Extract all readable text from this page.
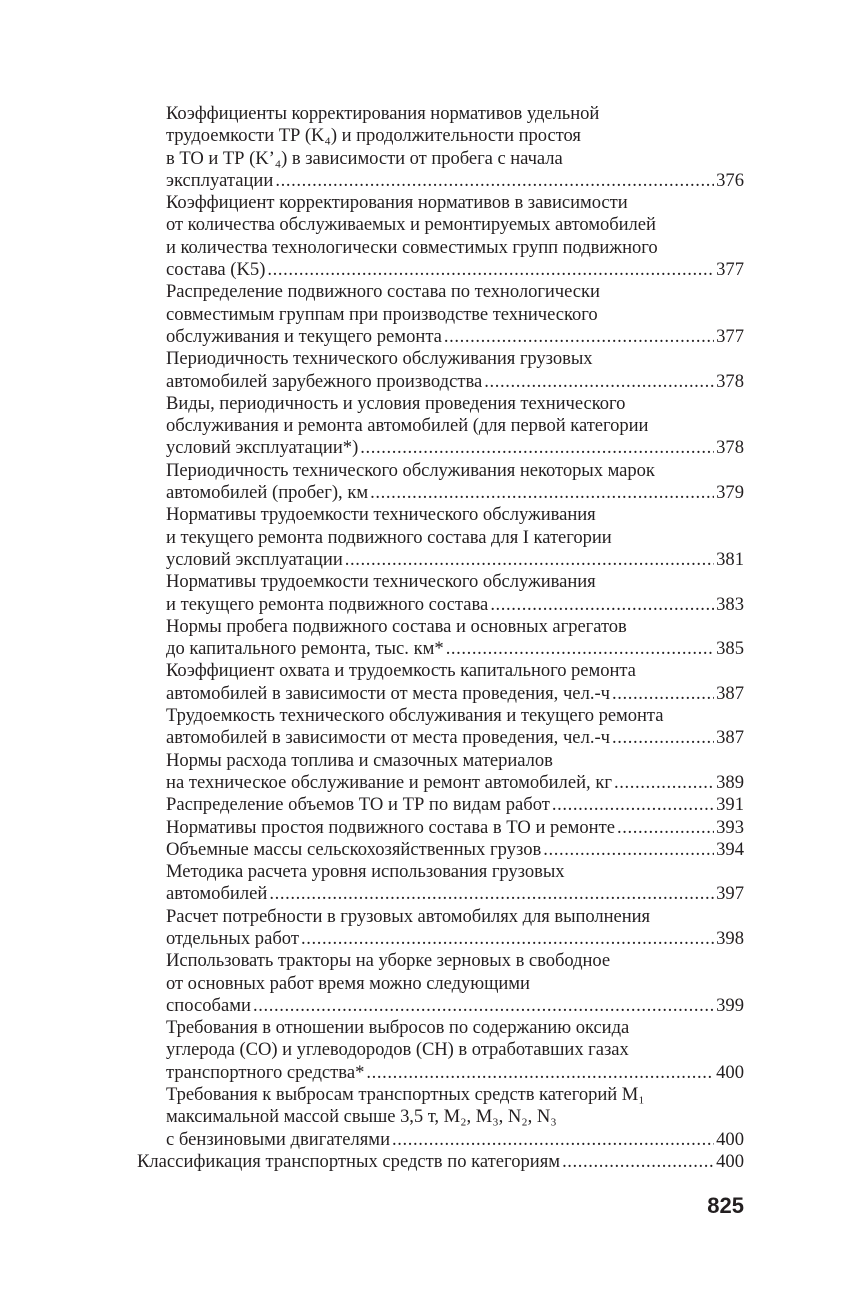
Коэффициенты корректирования нормативов удельной
трудоемкости ТР (K₄) и продолжительности простоя
в ТО и ТР (K’₄) в зависимости от пробега с начала
эксплуатации .....	376
Коэффициент корректирования нормативов в зависимости
от количества обслуживаемых и ремонтируемых автомобилей
и количества технологически совместимых групп подвижного
состава (K5) .....	377
Распределение подвижного состава по технологически
совместимым группам при производстве технического
обслуживания и текущего ремонта .....	377
Периодичность технического обслуживания грузовых
автомобилей зарубежного производства .....	378
Виды, периодичность и условия проведения технического
обслуживания и ремонта автомобилей (для первой категории
условий эксплуатации*) .....	378
Периодичность технического обслуживания некоторых марок
автомобилей (пробег), км .....	379
Нормативы трудоемкости технического обслуживания
и текущего ремонта подвижного состава для I категории
условий эксплуатации .....	381
Нормативы трудоемкости технического обслуживания
и текущего ремонта подвижного состава .....	383
Нормы пробега подвижного состава и основных агрегатов
до капитального ремонта, тыс. км* .....	385
Коэффициент охвата и трудоемкость капитального ремонта
автомобилей в зависимости от места проведения, чел.-ч .....	387
Трудоемкость технического обслуживания и текущего ремонта
автомобилей в зависимости от места проведения, чел.-ч .....	387
Нормы расхода топлива и смазочных материалов
на техническое обслуживание и ремонт автомобилей, кг .....	389
Распределение объемов ТО и ТР по видам работ .....	391
Нормативы простоя подвижного состава в ТО и ремонте .....	393
Объемные массы сельскохозяйственных грузов .....	394
Методика расчета уровня использования грузовых
автомобилей .....	397
Расчет потребности в грузовых автомобилях для выполнения
отдельных работ .....	398
Использовать тракторы на уборке зерновых в свободное
от основных работ время можно следующими
способами .....	399
Требования в отношении выбросов по содержанию оксида
углерода (СО) и углеводородов (СН) в отработавших газах
транспортного средства* .....	400
Требования к выбросам транспортных средств категорий M₁
максимальной массой свыше 3,5 т, M₂, M₃, N₂, N₃
с бензиновыми двигателями .....	400
Классификация транспортных средств по категориям .....	400
825
